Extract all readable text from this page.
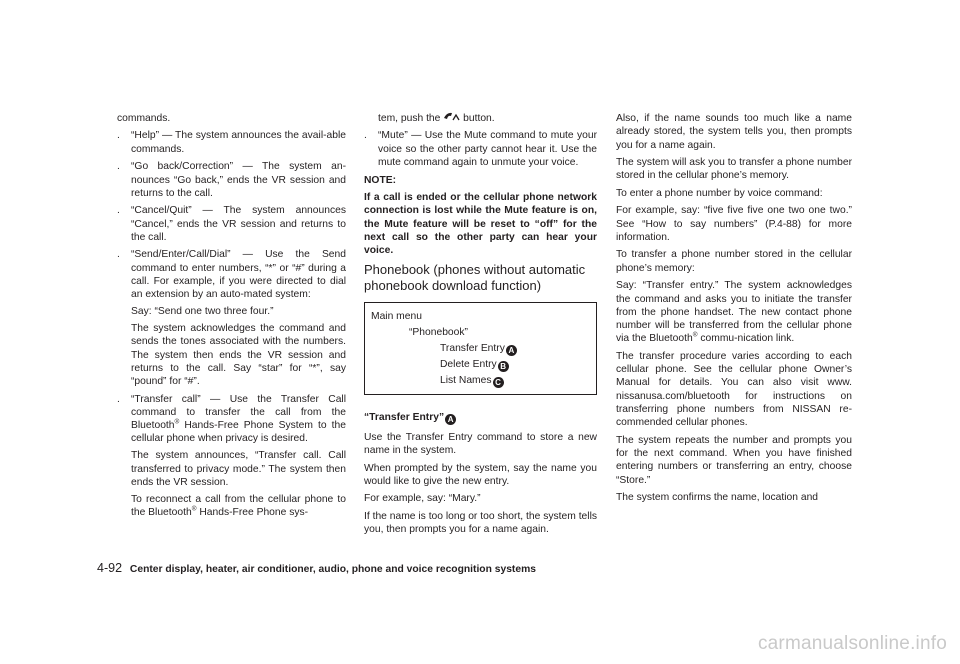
commands.

. “Help” — The system announces the avail-able commands.

. “Go back/Correction” — The system an-nounces “Go back,” ends the VR session and returns to the call.

. “Cancel/Quit” — The system announces “Cancel,” ends the VR session and returns to the call.

. “Send/Enter/Call/Dial” — Use the Send command to enter numbers, “*” or “#” during a call. For example, if you were directed to dial an extension by an auto-mated system:

Say: “Send one two three four.”

The system acknowledges the command and sends the tones associated with the numbers. The system then ends the VR session and returns to the call. Say “star” for “*”, say “pound” for “#”.

. “Transfer call” — Use the Transfer Call command to transfer the call from the Bluetooth® Hands-Free Phone System to the cellular phone when privacy is desired.

The system announces, “Transfer call. Call transferred to privacy mode.” The system then ends the VR session.

To reconnect a call from the cellular phone to the Bluetooth® Hands-Free Phone sys-

tem, push the  button.

. “Mute” — Use the Mute command to mute your voice so the other party cannot hear it. Use the mute command again to unmute your voice.

NOTE:

If a call is ended or the cellular phone network connection is lost while the Mute feature is on, the Mute feature will be reset to “off” for the next call so the other party can hear your voice.

Phonebook (phones without automatic phonebook download function)
Main menu
“Phonebook”
Transfer Entry A
Delete Entry B
List Names C
“Transfer Entry” A

Use the Transfer Entry command to store a new name in the system.

When prompted by the system, say the name you would like to give the new entry.

For example, say: “Mary.”

If the name is too long or too short, the system tells you, then prompts you for a name again.

Also, if the name sounds too much like a name already stored, the system tells you, then prompts you for a name again.

The system will ask you to transfer a phone number stored in the cellular phone’s memory.

To enter a phone number by voice command:

For example, say: “five five five one two one two.” See “How to say numbers” (P.4-88) for more information.

To transfer a phone number stored in the cellular phone’s memory:

Say: “Transfer entry.” The system acknowledges the command and asks you to initiate the transfer from the phone handset. The new contact phone number will be transferred from the cellular phone via the Bluetooth® commu-nication link.

The transfer procedure varies according to each cellular phone. See the cellular phone Owner’s Manual for details. You can also visit www. nissanusa.com/bluetooth for instructions on transferring phone numbers from NISSAN re-commended cellular phones.

The system repeats the number and prompts you for the next command. When you have finished entering numbers or transferring an entry, choose “Store.”

The system confirms the name, location and

4-92 Center display, heater, air conditioner, audio, phone and voice recognition systems
carmanualsonline.info
